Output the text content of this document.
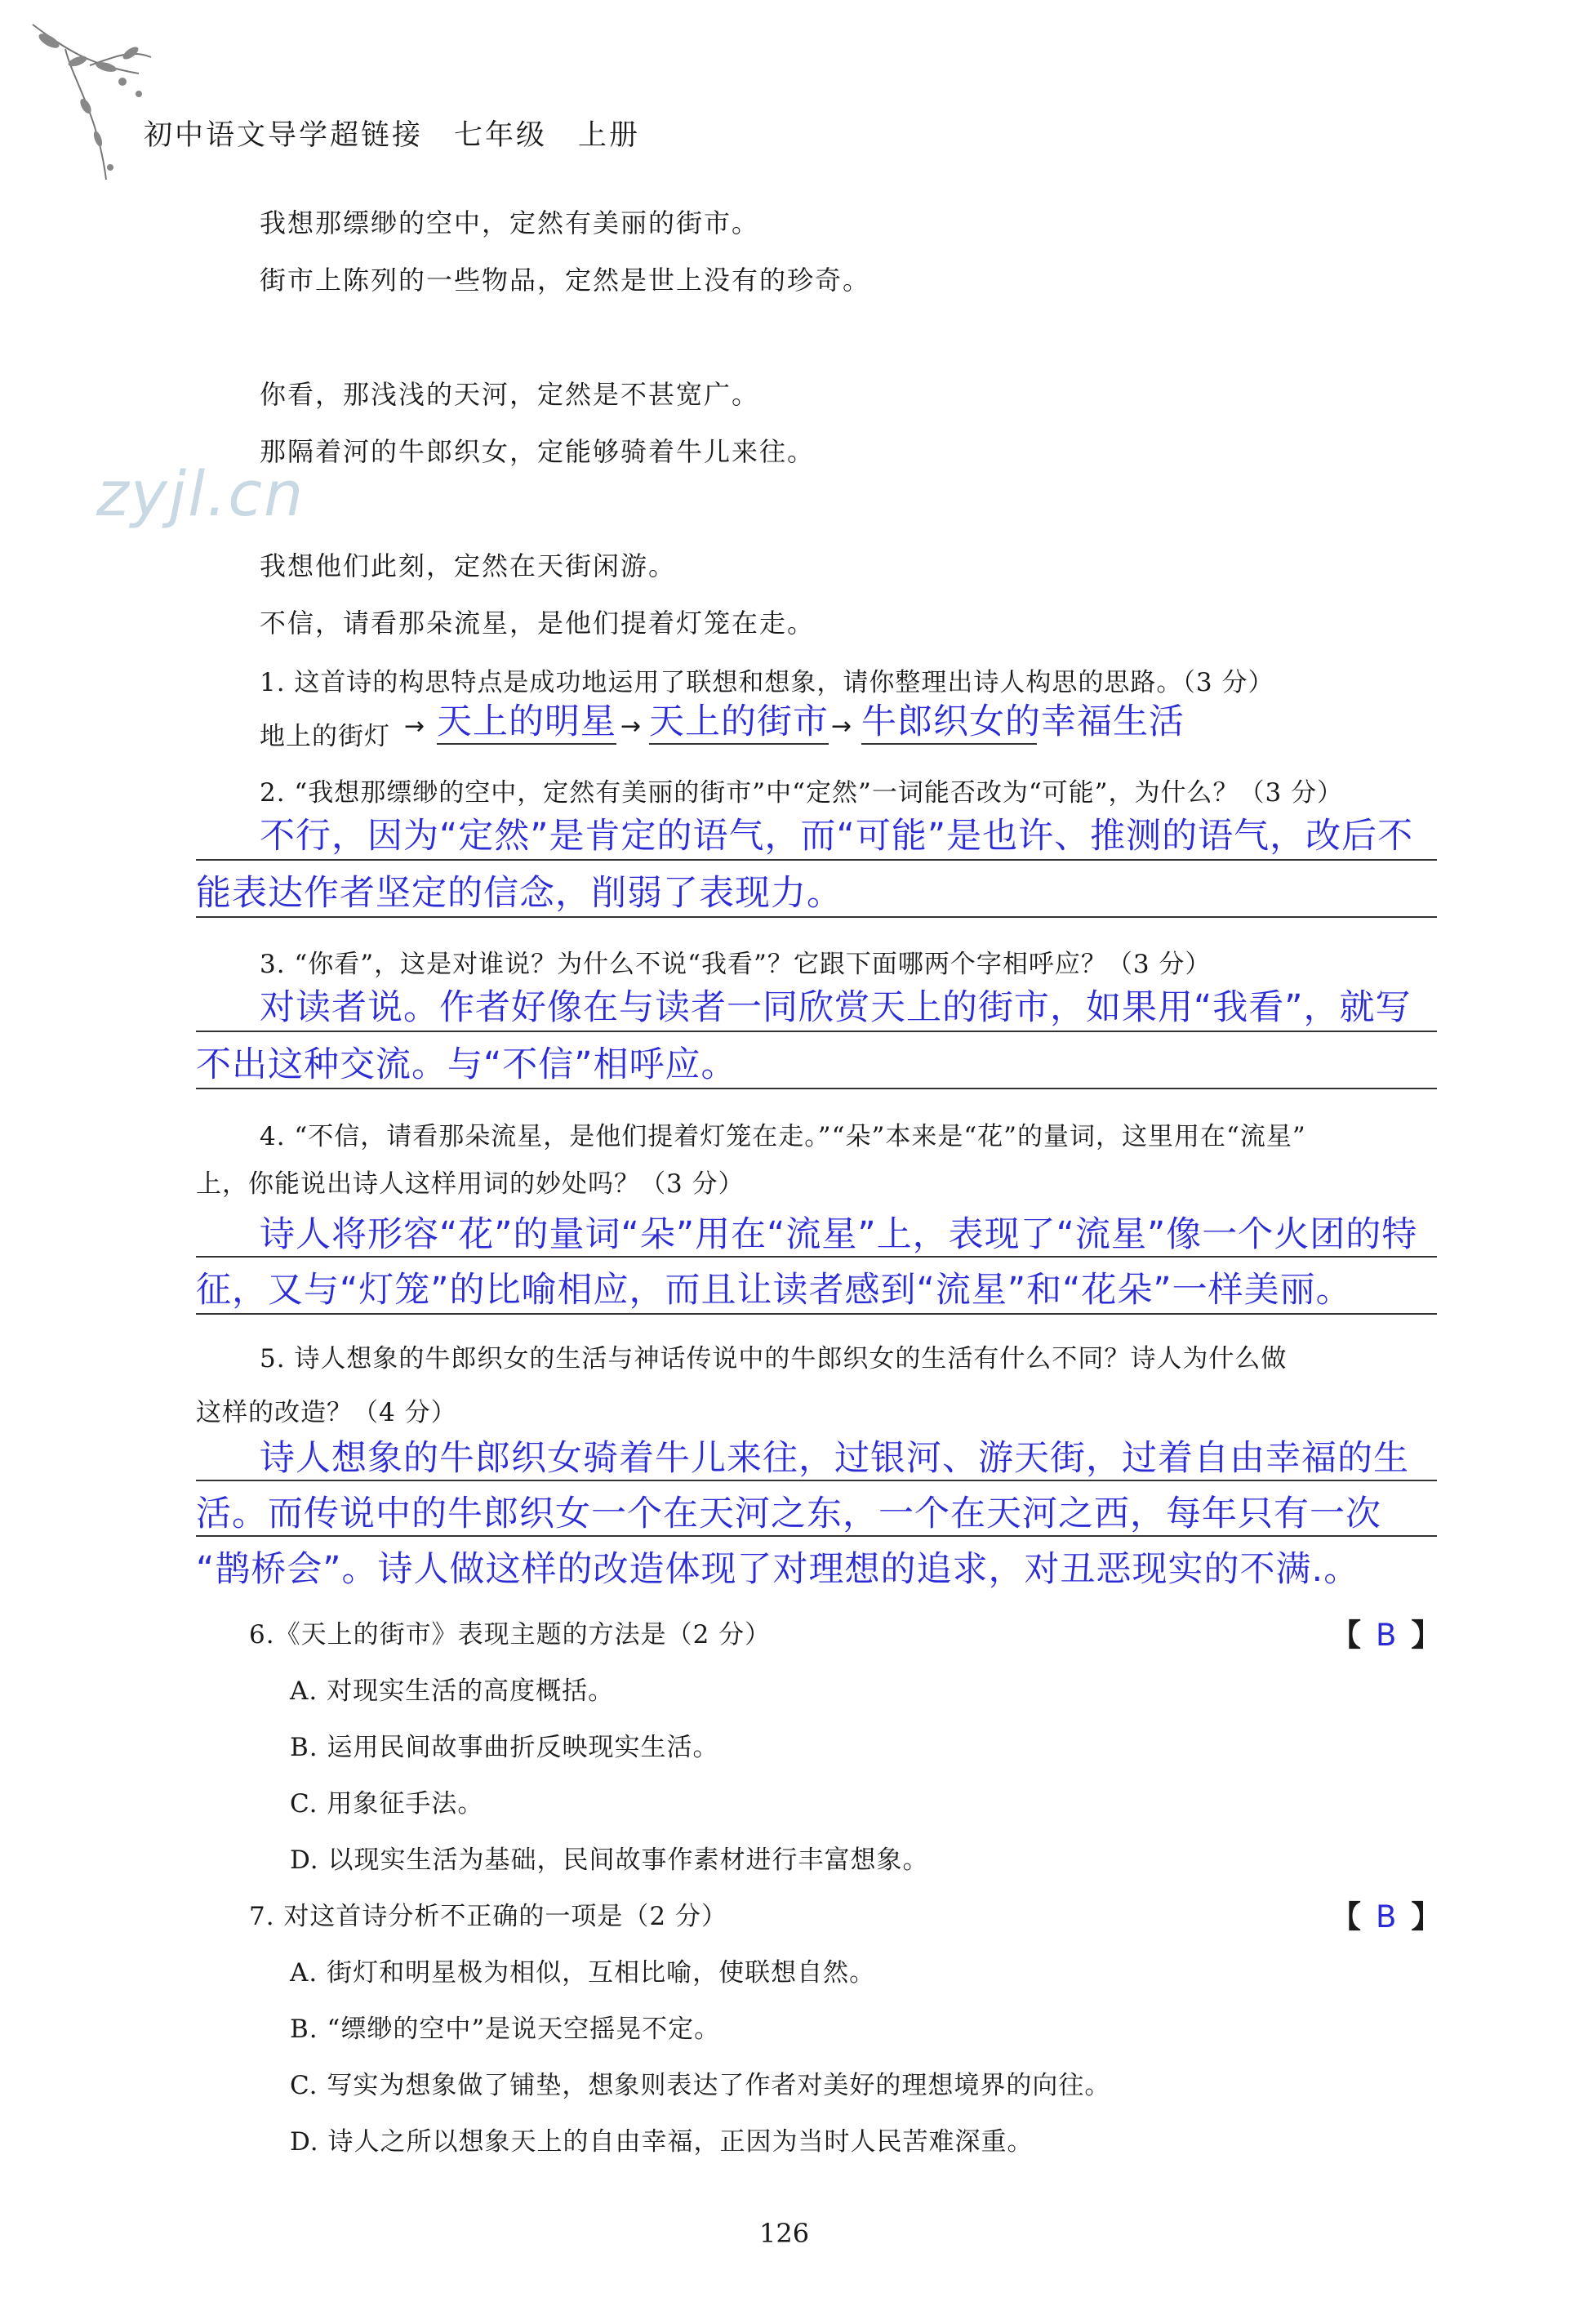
初中语文导学超链接　七年级　上册
zyjl.cn
我想那缥缈的空中，定然有美丽的街市。
街市上陈列的一些物品，定然是世上没有的珍奇。
你看，那浅浅的天河，定然是不甚宽广。
那隔着河的牛郎织女，定能够骑着牛儿来往。
我想他们此刻，定然在天街闲游。
不信，请看那朵流星，是他们提着灯笼在走。
1. 这首诗的构思特点是成功地运用了联想和想象，请你整理出诗人构思的思路。（3 分）
地上的街灯 → 天上的明星 → 天上的街市 → 牛郎织女的幸福生活
2. “我想那缥缈的空中，定然有美丽的街市”中“定然”一词能否改为“可能”，为什么？（3 分）
不行，因为“定然”是肯定的语气，而“可能”是也许、推测的语气，改后不
能表达作者坚定的信念，削弱了表现力。
3. “你看”，这是对谁说？为什么不说“我看”？它跟下面哪两个字相呼应？（3 分）
对读者说。作者好像在与读者一同欣赏天上的街市，如果用“我看”，就写
不出这种交流。与“不信”相呼应。
4. “不信，请看那朵流星，是他们提着灯笼在走。”“朵”本来是“花”的量词，这里用在“流星”
上，你能说出诗人这样用词的妙处吗？（3 分）
诗人将形容“花”的量词“朵”用在“流星”上，表现了“流星”像一个火团的特
征，又与“灯笼”的比喻相应，而且让读者感到“流星”和“花朵”一样美丽。
5. 诗人想象的牛郎织女的生活与神话传说中的牛郎织女的生活有什么不同？诗人为什么做
这样的改造？（4 分）
诗人想象的牛郎织女骑着牛儿来往，过银河、游天街，过着自由幸福的生
活。而传说中的牛郎织女一个在天河之东，一个在天河之西，每年只有一次
“鹊桥会”。诗人做这样的改造体现了对理想的追求，对丑恶现实的不满.。
6.《天上的街市》表现主题的方法是（2 分）	【 B 】
A. 对现实生活的高度概括。
B. 运用民间故事曲折反映现实生活。
C. 用象征手法。
D. 以现实生活为基础，民间故事作素材进行丰富想象。
7. 对这首诗分析不正确的一项是（2 分）	【 B 】
A. 街灯和明星极为相似，互相比喻，使联想自然。
B. “缥缈的空中”是说天空摇晃不定。
C. 写实为想象做了铺垫，想象则表达了作者对美好的理想境界的向往。
D. 诗人之所以想象天上的自由幸福，正因为当时人民苦难深重。
126
